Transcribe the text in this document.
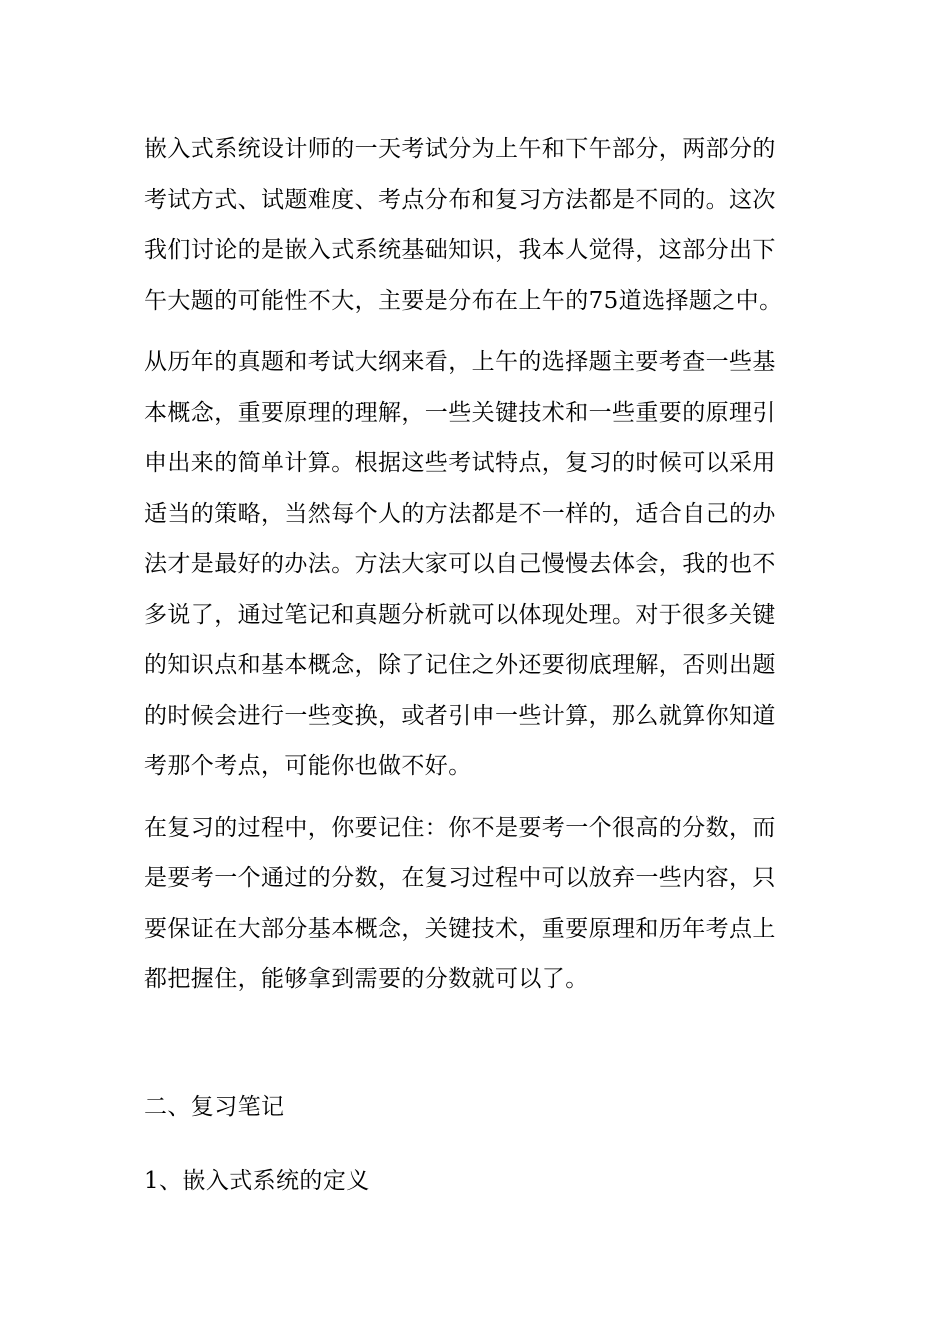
嵌入式系统设计师的一天考试分为上午和下午部分，两部分的
考试方式、试题难度、考点分布和复习方法都是不同的。这次
我们讨论的是嵌入式系统基础知识，我本人觉得，这部分出下
午大题的可能性不大，主要是分布在上午的75道选择题之中。

从历年的真题和考试大纲来看，上午的选择题主要考查一些基
本概念，重要原理的理解，一些关键技术和一些重要的原理引
申出来的简单计算。根据这些考试特点，复习的时候可以采用
适当的策略，当然每个人的方法都是不一样的，适合自己的办
法才是最好的办法。方法大家可以自己慢慢去体会，我的也不
多说了，通过笔记和真题分析就可以体现处理。对于很多关键
的知识点和基本概念，除了记住之外还要彻底理解，否则出题
的时候会进行一些变换，或者引申一些计算，那么就算你知道
考那个考点，可能你也做不好。

在复习的过程中，你要记住：你不是要考一个很高的分数，而
是要考一个通过的分数，在复习过程中可以放弃一些内容，只
要保证在大部分基本概念，关键技术，重要原理和历年考点上
都把握住，能够拿到需要的分数就可以了。

二、复习笔记
1、嵌入式系统的定义
